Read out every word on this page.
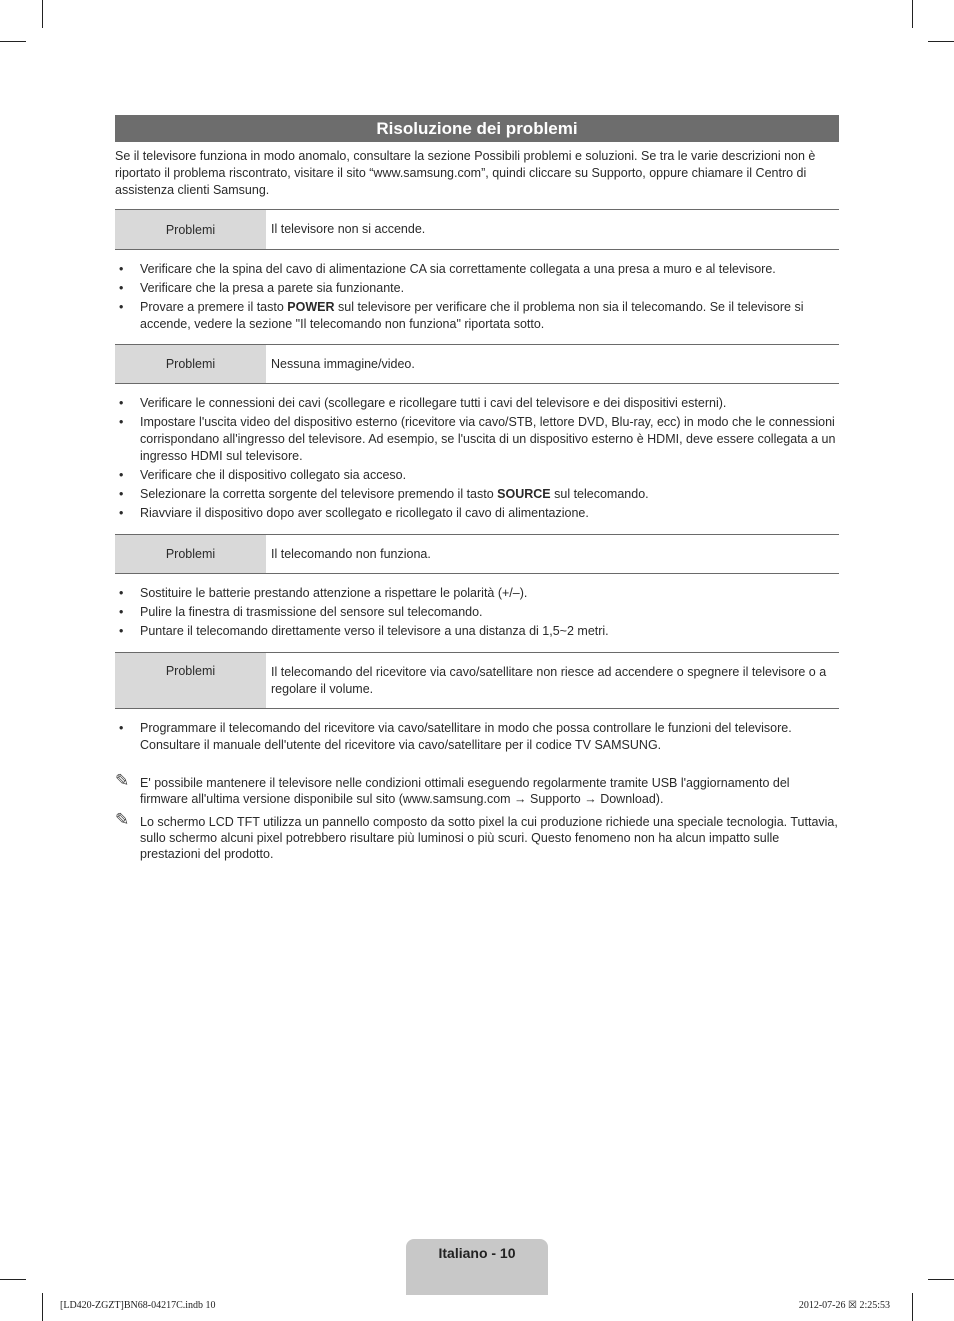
Risoluzione dei problemi
Se il televisore funziona in modo anomalo, consultare la sezione Possibili problemi e soluzioni. Se tra le varie descrizioni non è riportato il problema riscontrato, visitare il sito “www.samsung.com”, quindi cliccare su Supporto, oppure chiamare il Centro di assistenza clienti Samsung.
Problemi	Il televisore non si accende.
• Verificare che la spina del cavo di alimentazione CA sia correttamente collegata a una presa a muro e al televisore.
• Verificare che la presa a parete sia funzionante.
• Provare a premere il tasto POWER sul televisore per verificare che il problema non sia il telecomando. Se il televisore si accende, vedere la sezione "Il telecomando non funziona" riportata sotto.
Problemi	Nessuna immagine/video.
• Verificare le connessioni dei cavi (scollegare e ricollegare tutti i cavi del televisore e dei dispositivi esterni).
• Impostare l'uscita video del dispositivo esterno (ricevitore via cavo/STB, lettore DVD, Blu-ray, ecc) in modo che le connessioni corrispondano all'ingresso del televisore. Ad esempio, se l'uscita di un dispositivo esterno è HDMI, deve essere collegata a un ingresso HDMI sul televisore.
• Verificare che il dispositivo collegato sia acceso.
• Selezionare la corretta sorgente del televisore premendo il tasto SOURCE sul telecomando.
• Riavviare il dispositivo dopo aver scollegato e ricollegato il cavo di alimentazione.
Problemi	Il telecomando non funziona.
• Sostituire le batterie prestando attenzione a rispettare le polarità (+/–).
• Pulire la finestra di trasmissione del sensore sul telecomando.
• Puntare il telecomando direttamente verso il televisore a una distanza di 1,5~2 metri.
Problemi	Il telecomando del ricevitore via cavo/satellitare non riesce ad accendere o spegnere il televisore o a regolare il volume.
• Programmare il telecomando del ricevitore via cavo/satellitare in modo che possa controllare le funzioni del televisore. Consultare il manuale dell'utente del ricevitore via cavo/satellitare per il codice TV SAMSUNG.
✎ E' possibile mantenere il televisore nelle condizioni ottimali eseguendo regolarmente tramite USB l'aggiornamento del firmware all'ultima versione disponibile sul sito (www.samsung.com → Supporto → Download).
✎ Lo schermo LCD TFT utilizza un pannello composto da sotto pixel la cui produzione richiede una speciale tecnologia. Tuttavia, sullo schermo alcuni pixel potrebbero risultare più luminosi o più scuri. Questo fenomeno non ha alcun impatto sulle prestazioni del prodotto.
Italiano - 10
[LD420-ZGZT]BN68-04217C.indb 10	2012-07-26 ☒ 2:25:53
